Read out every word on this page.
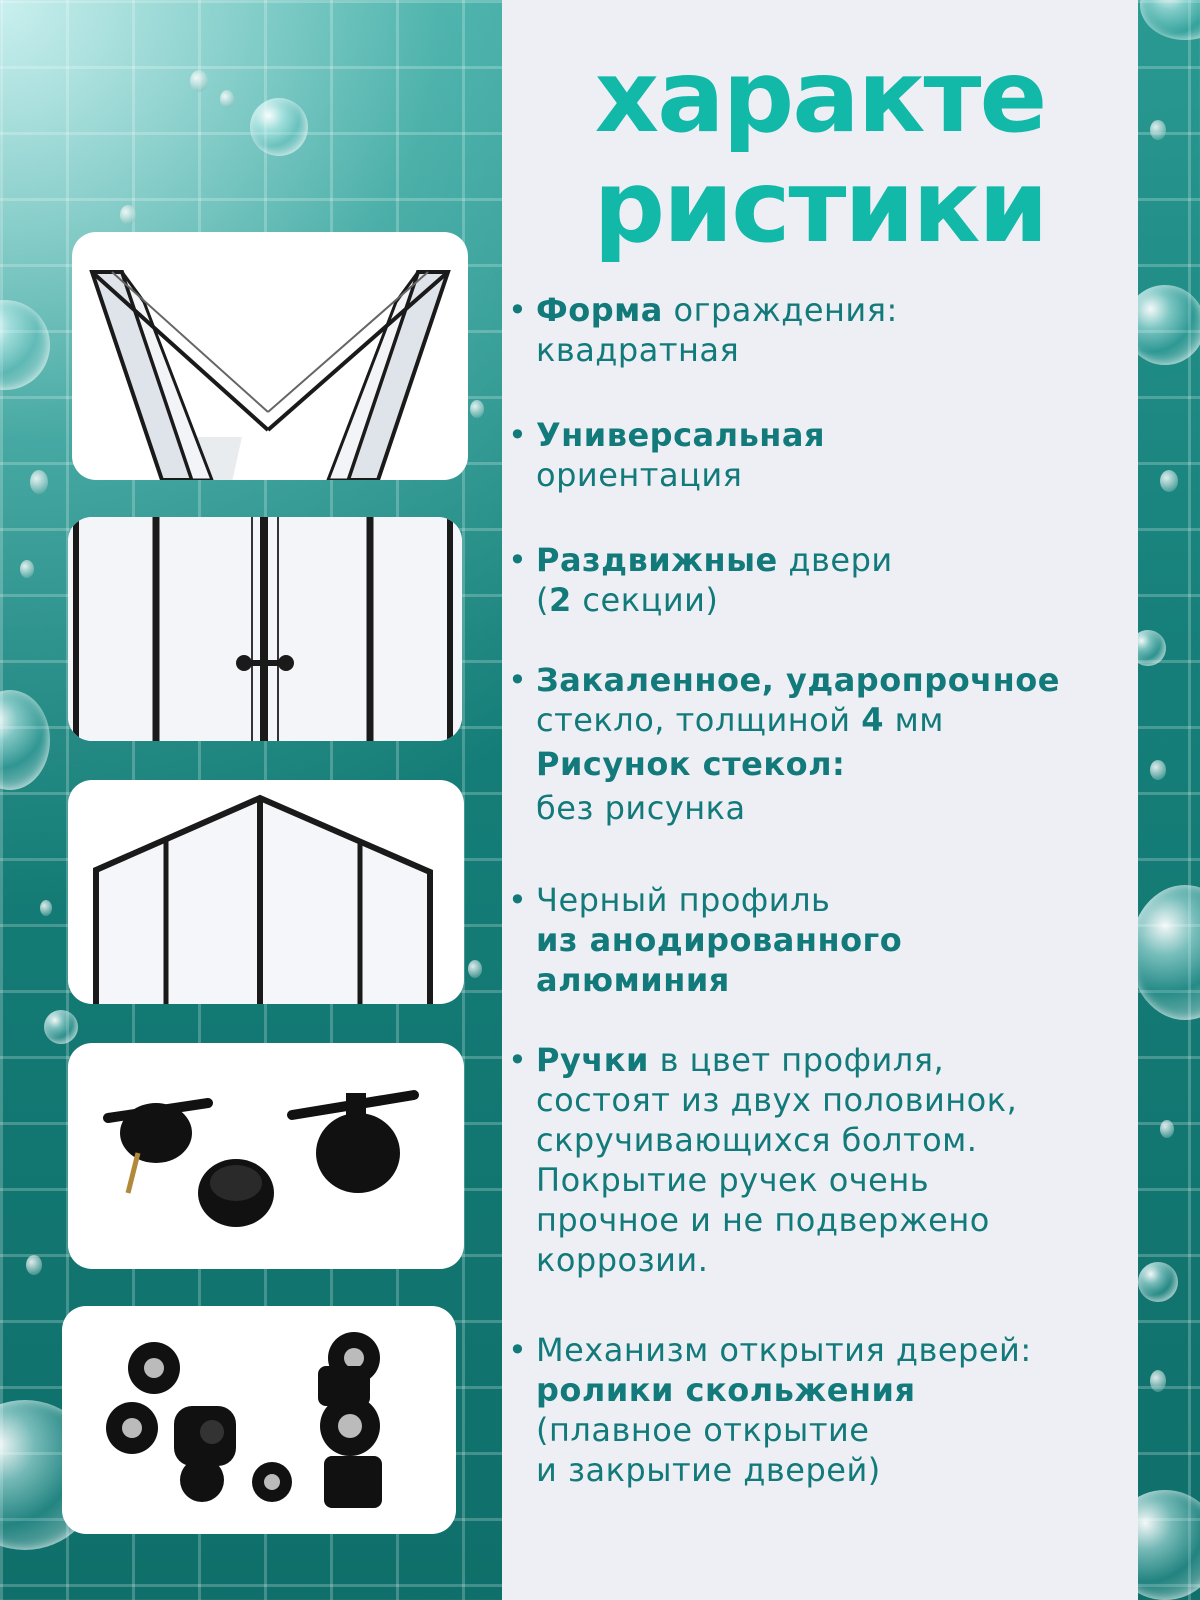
характе
ристики
• Форма ограждения:
квадратная
• Универсальная
ориентация
• Раздвижные двери
(2 секции)
• Закаленное, ударопрочное
стекло, толщиной 4 мм
Рисунок стекол:
без рисунка
• Черный профиль
из анодированного
алюминия
• Ручки в цвет профиля,
состоят из двух половинок,
скручивающихся болтом.
Покрытие ручек очень
прочное и не подвержено
коррозии.
• Механизм открытия дверей:
ролики скольжения
(плавное открытие
и закрытие дверей)
